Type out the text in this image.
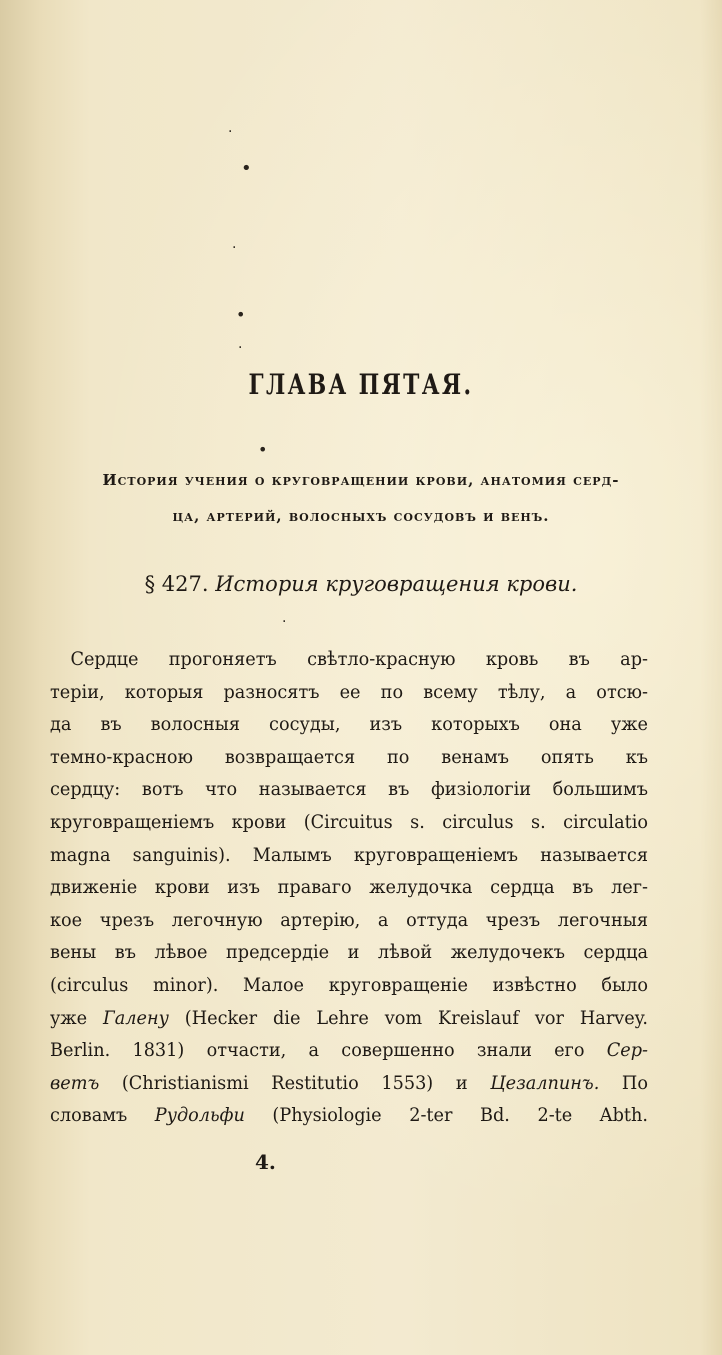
·
•
·
•
·
•
·
ГЛАВА ПЯТАЯ.
История учения о круговращении крови, анатомия серд-
ца, артерий, волосныхъ сосудовъ и венъ.
§ 427. История круговращения крови.
Сердце прогоняетъ свѣтло-красную кровь въ ар-
теріи, которыя разносятъ ее по всему тѣлу, а отсю-
да въ волосныя сосуды, изъ которыхъ она уже
темно-красною возвращается по венамъ опять къ
сердцу: вотъ что называется въ физіологіи большимъ
круговращеніемъ крови (Circuitus s. circulus s. circulatio
magna sanguinis). Малымъ круговращеніемъ называется
движеніе крови изъ праваго желудочка сердца въ лег-
кое чрезъ легочную артерію, а оттуда чрезъ легочныя
вены въ лѣвое предсердіе и лѣвой желудочекъ сердца
(circulus minor). Малое круговращеніе извѣстно было
уже Галену (Hecker die Lehre vom Kreislauf vor Harvey.
Berlin. 1831) отчасти, а совершенно знали его Сер-
ветъ (Christianismi Restitutio 1553) и Цезалпинъ. По
словамъ Рудольфи (Physiologie 2-ter Bd. 2-te Abth.
4.
